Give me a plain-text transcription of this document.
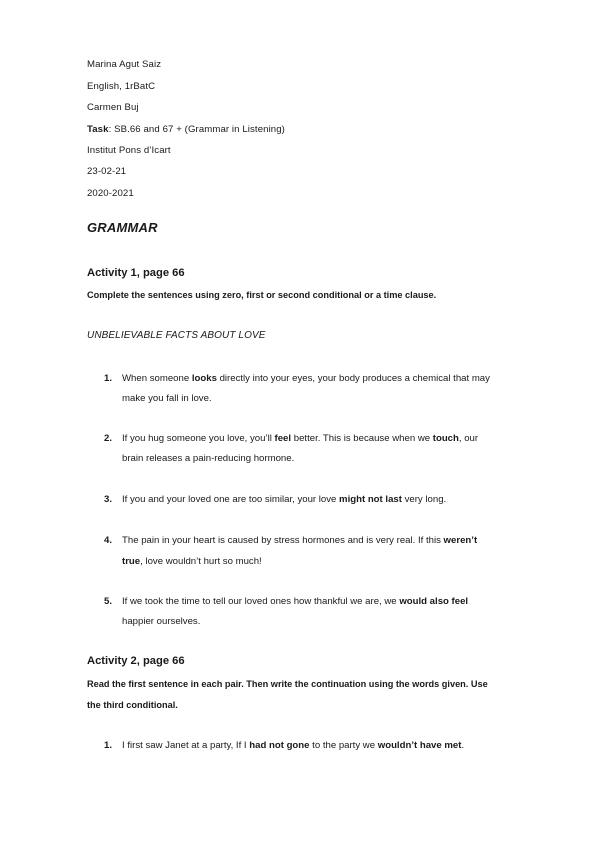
Marina Agut Saiz
English, 1rBatC
Carmen Buj
Task: SB.66 and 67 + (Grammar in Listening)
Institut Pons d’Icart
23-02-21
2020-2021
GRAMMAR
Activity 1, page 66
Complete the sentences using zero, first or second conditional or a time clause.
UNBELIEVABLE FACTS ABOUT LOVE
1. When someone looks directly into your eyes, your body produces a chemical that may
make you fall in love.
2. If you hug someone you love, you’ll feel better. This is because when we touch, our
brain releases a pain-reducing hormone.
3. If you and your loved one are too similar, your love might not last very long.
4. The pain in your heart is caused by stress hormones and is very real. If this weren’t
true, love wouldn’t hurt so much!
5. If we took the time to tell our loved ones how thankful we are, we would also feel
happier ourselves.
Activity 2, page 66
Read the first sentence in each pair. Then write the continuation using the words given. Use
the third conditional.
1. I first saw Janet at a party, If I had not gone to the party we wouldn’t have met.
